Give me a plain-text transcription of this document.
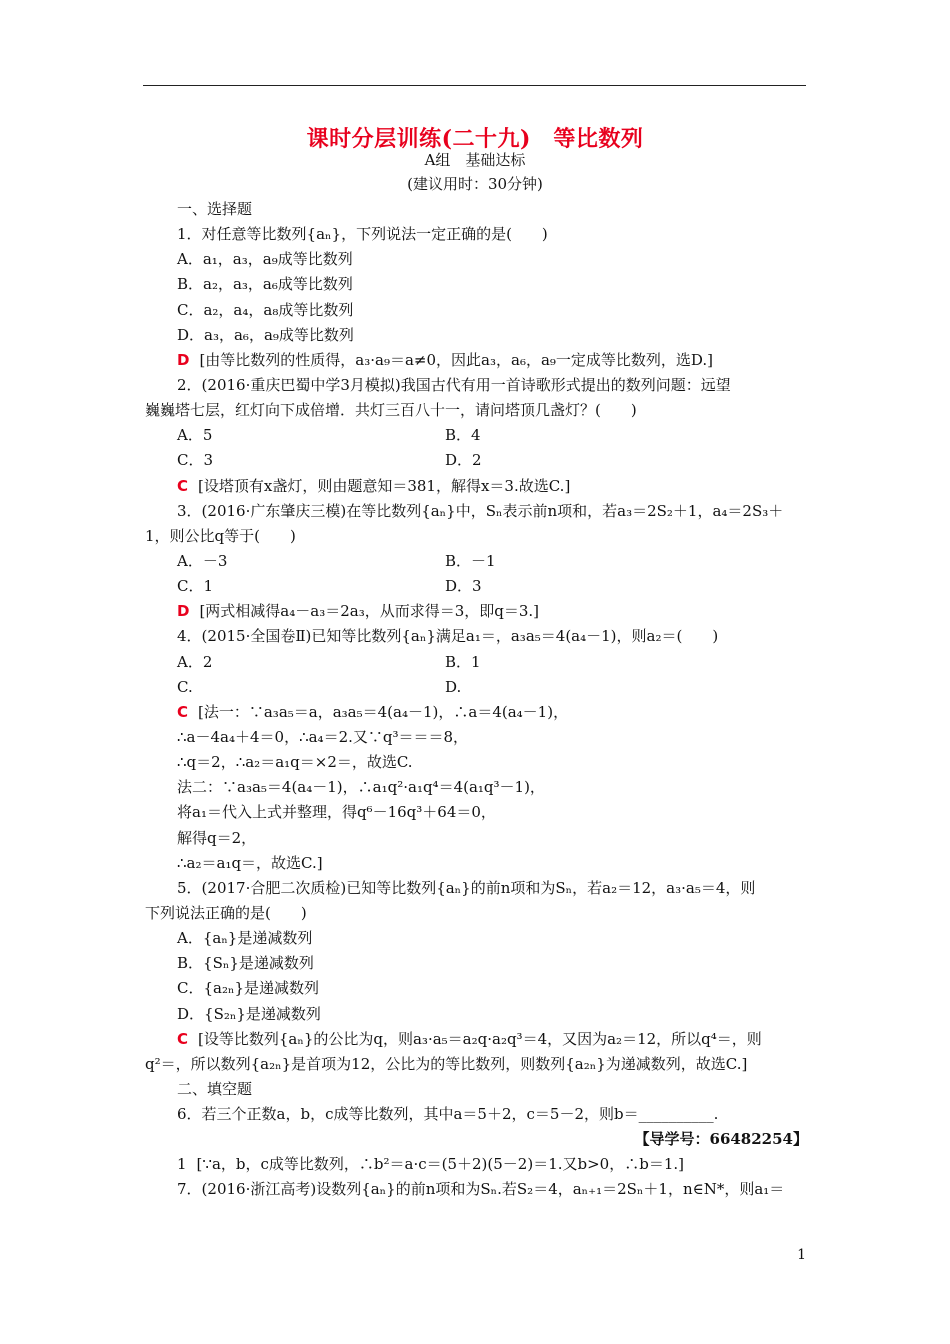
课时分层训练(二十九)　等比数列
A组　基础达标
(建议用时：30分钟)
一、选择题
1．对任意等比数列{aₙ}，下列说法一定正确的是(　　)
A．a₁，a₃，a₉成等比数列
B．a₂，a₃，a₆成等比数列
C．a₂，a₄，a₈成等比数列
D．a₃，a₆，a₉成等比数列
D [由等比数列的性质得，a₃·a₉＝a≠0，因此a₃，a₆，a₉一定成等比数列，选D.]
2．(2016·重庆巴蜀中学3月模拟)我国古代有用一首诗歌形式提出的数列问题：远望
巍巍塔七层，红灯向下成倍增．共灯三百八十一，请问塔顶几盏灯？(　　)
A．5	B．4
C．3	D．2
C [设塔顶有x盏灯，则由题意知＝381，解得x＝3.故选C.]
3．(2016·广东肇庆三模)在等比数列{aₙ}中，Sₙ表示前n项和，若a₃＝2S₂＋1，a₄＝2S₃＋
1，则公比q等于(　　)
A．－3	B．－1
C．1	D．3
D [两式相减得a₄－a₃＝2a₃，从而求得＝3，即q＝3.]
4．(2015·全国卷Ⅱ)已知等比数列{aₙ}满足a₁＝，a₃a₅＝4(a₄－1)，则a₂＝(　　)
A．2	B．1
C.	D.
C [法一：∵a₃a₅＝a，a₃a₅＝4(a₄－1)，∴a＝4(a₄－1)，
∴a－4a₄＋4＝0，∴a₄＝2.又∵q³＝＝＝8，
∴q＝2，∴a₂＝a₁q＝×2＝，故选C.
法二：∵a₃a₅＝4(a₄－1)，∴a₁q²·a₁q⁴＝4(a₁q³－1)，
将a₁＝代入上式并整理，得q⁶－16q³＋64＝0，
解得q＝2，
∴a₂＝a₁q＝，故选C.]
5．(2017·合肥二次质检)已知等比数列{aₙ}的前n项和为Sₙ，若a₂＝12，a₃·a₅＝4，则
下列说法正确的是(　　)
A．{aₙ}是递减数列
B．{Sₙ}是递减数列
C．{a₂ₙ}是递减数列
D．{S₂ₙ}是递减数列
C [设等比数列{aₙ}的公比为q，则a₃·a₅＝a₂q·a₂q³＝4，又因为a₂＝12，所以q⁴＝，则
q²＝，所以数列{a₂ₙ}是首项为12，公比为的等比数列，则数列{a₂ₙ}为递减数列，故选C.]
二、填空题
6．若三个正数a，b，c成等比数列，其中a＝5＋2，c＝5－2，则b＝__________.
【导学号：66482254】
1 [∵a，b，c成等比数列，∴b²＝a·c＝(5＋2)(5－2)＝1.又b>0，∴b＝1.]
7．(2016·浙江高考)设数列{aₙ}的前n项和为Sₙ.若S₂＝4，aₙ₊₁＝2Sₙ＋1，n∈N*，则a₁＝
1
